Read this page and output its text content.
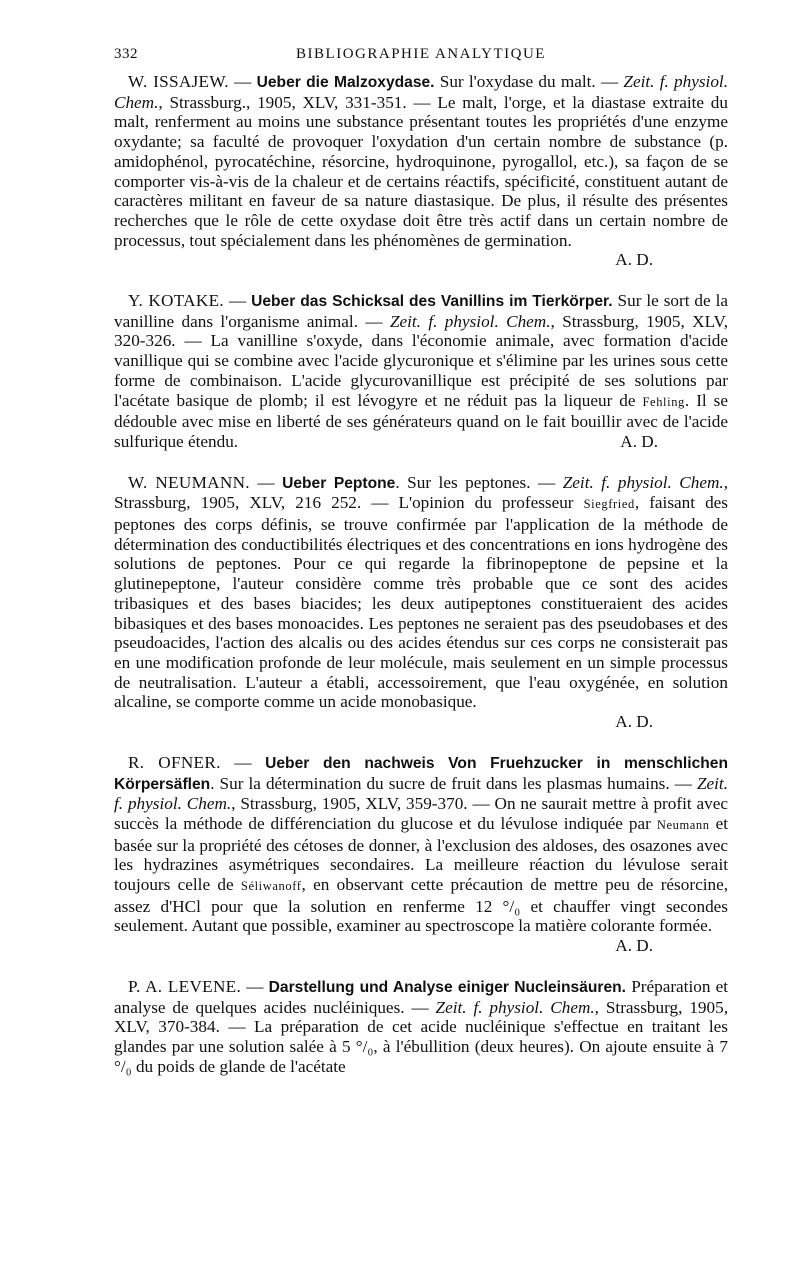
332	BIBLIOGRAPHIE ANALYTIQUE

W. ISSAJEW. — Ueber die Malzoxydase. Sur l'oxydase du malt. — Zeit. f. physiol. Chem., Strassburg., 1905, XLV, 331-351. — Le malt, l'orge, et la diastase extraite du malt, renferment au moins une substance présentant toutes les propriétés d'une enzyme oxydante; sa faculté de provoquer l'oxydation d'un certain nombre de substance (p. amidophénol, pyrocatéchine, résorcine, hydroquinone, pyrogallol, etc.), sa façon de se comporter vis-à-vis de la chaleur et de certains réactifs, spécificité, constituent autant de caractères militant en faveur de sa nature diastasique. De plus, il résulte des présentes recherches que le rôle de cette oxydase doit être très actif dans un certain nombre de processus, tout spécialement dans les phénomènes de germination.

A. D.

Y. KOTAKE. — Ueber das Schicksal des Vanillins im Tierkörper. Sur le sort de la vanilline dans l'organisme animal. — Zeit. f. physiol. Chem., Strassburg, 1905, XLV, 320-326. — La vanilline s'oxyde, dans l'économie animale, avec formation d'acide vanillique qui se combine avec l'acide glycuronique et s'élimine par les urines sous cette forme de combinaison. L'acide glycurovanillique est précipité de ses solutions par l'acétate basique de plomb; il est lévogyre et ne réduit pas la liqueur de Fehling. Il se dédouble avec mise en liberté de ses générateurs quand on le fait bouillir avec de l'acide sulfurique étendu.	A. D.

W. NEUMANN. — Ueber Peptone. Sur les peptones. — Zeit. f. physiol. Chem., Strassburg, 1905, XLV, 216 252. — L'opinion du professeur Siegfried, faisant des peptones des corps définis, se trouve confirmée par l'application de la méthode de détermination des conductibilités électriques et des concentrations en ions hydrogène des solutions de peptones. Pour ce qui regarde la fibrinopeptone de pepsine et la glutinepeptone, l'auteur considère comme très probable que ce sont des acides tribasiques et des bases biacides; les deux autipeptones constitueraient des acides bibasiques et des bases monoacides. Les peptones ne seraient pas des pseudobases et des pseudoacides, l'action des alcalis ou des acides étendus sur ces corps ne consisterait pas en une modification profonde de leur molécule, mais seulement en un simple processus de neutralisation. L'auteur a établi, accessoirement, que l'eau oxygénée, en solution alcaline, se comporte comme un acide monobasique.

A. D.

R. OFNER. — Ueber den nachweis Von Fruehzucker in menschlichen Körpersäflen. Sur la détermination du sucre de fruit dans les plasmas humains. — Zeit. f. physiol. Chem., Strassburg, 1905, XLV, 359-370. — On ne saurait mettre à profit avec succès la méthode de différenciation du glucose et du lévulose indiquée par Neumann et basée sur la propriété des cétoses de donner, à l'exclusion des aldoses, des osazones avec les hydrazines asymétriques secondaires. La meilleure réaction du lévulose serait toujours celle de Séliwanoff, en observant cette précaution de mettre peu de résorcine, assez d'HCl pour que la solution en renferme 12 °/₀ et chauffer vingt secondes seulement. Autant que possible, examiner au spectroscope la matière colorante formée.

A. D.

P. A. LEVENE. — Darstellung und Analyse einiger Nucleinsäuren. Préparation et analyse de quelques acides nucléiniques. — Zeit. f. physiol. Chem., Strassburg, 1905, XLV, 370-384. — La préparation de cet acide nucléinique s'effectue en traitant les glandes par une solution salée à 5 °/₀, à l'ébullition (deux heures). On ajoute ensuite à 7 °/₀ du poids de glande de l'acétate
